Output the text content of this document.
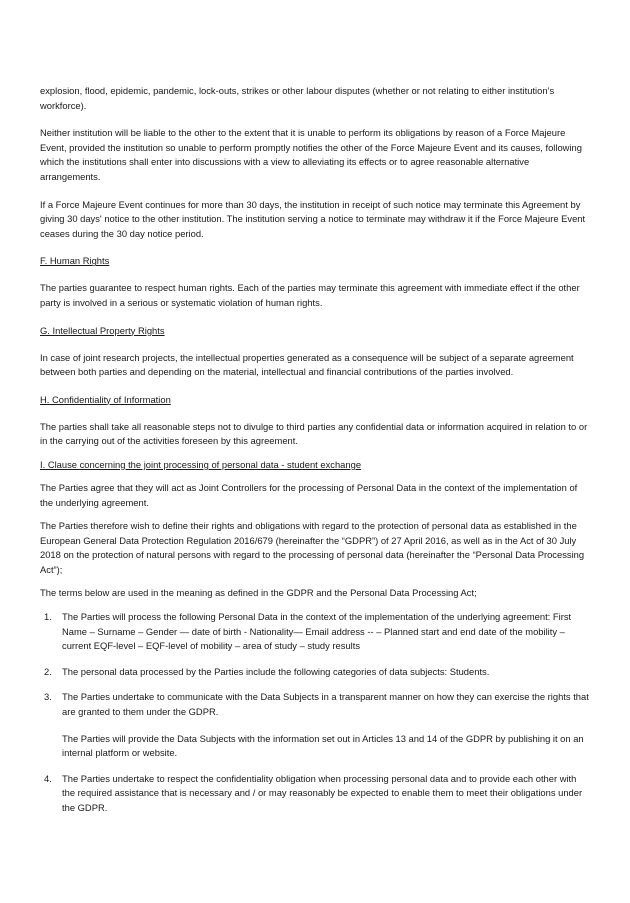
explosion, flood, epidemic, pandemic, lock-outs, strikes or other labour disputes (whether or not relating to either institution’s workforce).

Neither institution will be liable to the other to the extent that it is unable to perform its obligations by reason of a Force Majeure Event, provided the institution so unable to perform promptly notifies the other of the Force Majeure Event and its causes, following which the institutions shall enter into discussions with a view to alleviating its effects or to agree reasonable alternative arrangements.

If a Force Majeure Event continues for more than 30 days, the institution in receipt of such notice may terminate this Agreement by giving 30 days' notice to the other institution. The institution serving a notice to terminate may withdraw it if the Force Majeure Event ceases during the 30 day notice period.

F. Human Rights

The parties guarantee to respect human rights. Each of the parties may terminate this agreement with immediate effect if the other party is involved in a serious or systematic violation of human rights.

G. Intellectual Property Rights

In case of joint research projects, the intellectual properties generated as a consequence will be subject of a separate agreement between both parties and depending on the material, intellectual and financial contributions of the parties involved.

H. Confidentiality of Information

The parties shall take all reasonable steps not to divulge to third parties any confidential data or information acquired in relation to or in the carrying out of the activities foreseen by this agreement.

I. Clause concerning the joint processing of personal data - student exchange

The Parties agree that they will act as Joint Controllers for the processing of Personal Data in the context of the implementation of the underlying agreement.

The Parties therefore wish to define their rights and obligations with regard to the protection of personal data as established in the European General Data Protection Regulation 2016/679 (hereinafter the “GDPR”) of 27 April 2016, as well as in the Act of 30 July 2018 on the protection of natural persons with regard to the processing of personal data (hereinafter the “Personal Data Processing Act”);

The terms below are used in the meaning as defined in the GDPR and the Personal Data Processing Act;

1. The Parties will process the following Personal Data in the context of the implementation of the underlying agreement: First Name – Surname – Gender — date of birth - Nationality— Email address -- – Planned start and end date of the mobility – current EQF-level – EQF-level of mobility – area of study – study results

2. The personal data processed by the Parties include the following categories of data subjects: Students.

3. The Parties undertake to communicate with the Data Subjects in a transparent manner on how they can exercise the rights that are granted to them under the GDPR.

The Parties will provide the Data Subjects with the information set out in Articles 13 and 14 of the GDPR by publishing it on an internal platform or website.

4. The Parties undertake to respect the confidentiality obligation when processing personal data and to provide each other with the required assistance that is necessary and / or may reasonably be expected to enable them to meet their obligations under the GDPR.
